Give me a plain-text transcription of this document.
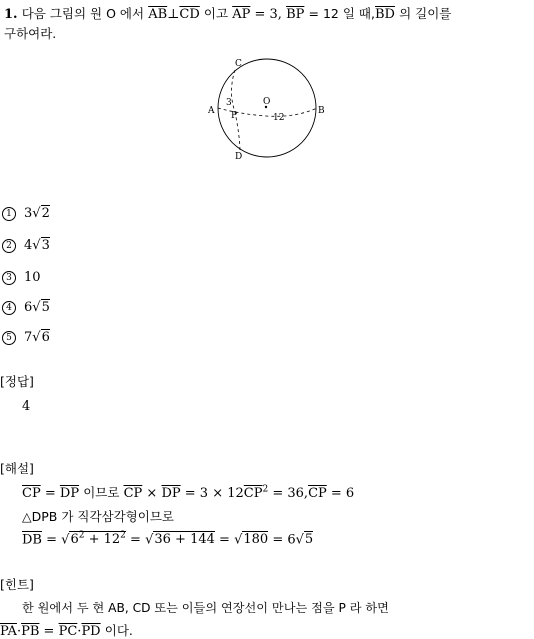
1. 다음 그림의 원 O 에서 $\overline{AB}\perp\overline{CD}$ 이고 $\overline{AP} = 3$, $\overline{BP} = 12$ 일 때$,\overline{BD}$ 의 길이를
구하여라.
C
A	B
D
O
P
3
12
1 3√2
2 4√3
3 10
4 6√5
5 7√6
[정답]
4
[해설]
$\overline{CP} = \overline{DP}$ 이므로 $\overline{CP} \times \overline{DP} = 3 \times 12\overline{CP}^2 = 36,\overline{CP} = 6$
△DPB 가 직각삼각형이므로
$\overline{DB} = √6^2 + 12^2 = √36 + 144 = √180 = 6√5$
[힌트]
한 원에서 두 현 AB, CD 또는 이들의 연장선이 만나는 점을 P 라 하면
$\overline{PA}\cdot\overline{PB} = \overline{PC}\cdot\overline{PD}$ 이다.
